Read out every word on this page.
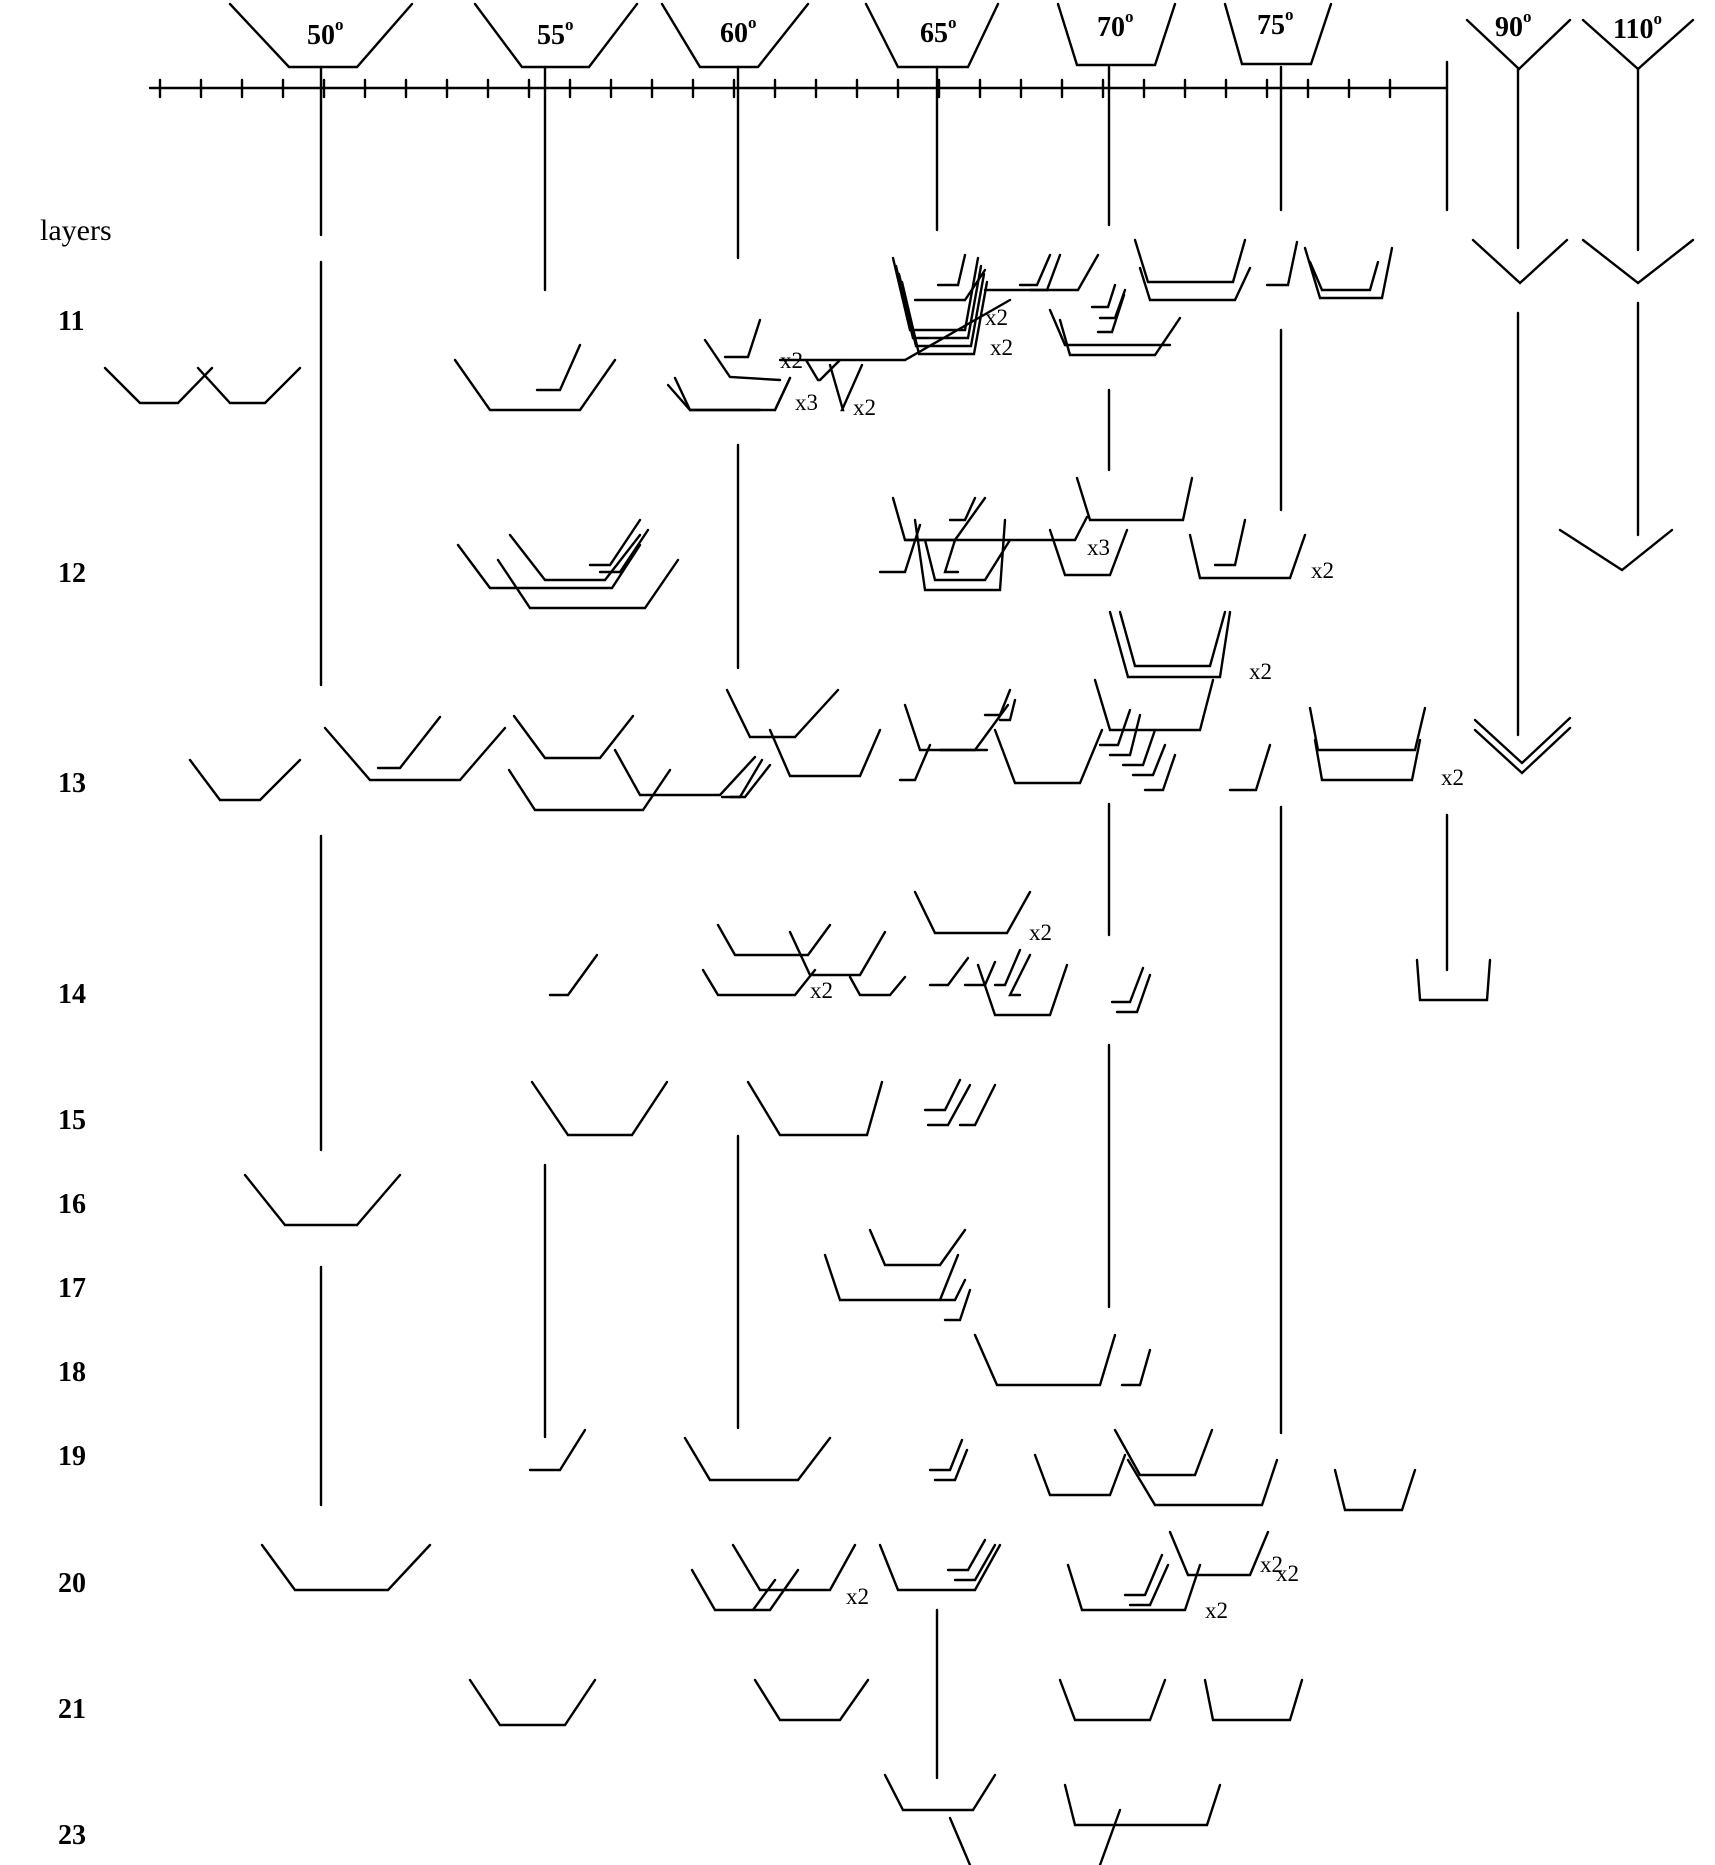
50$^o$	55$^o$	60$^o$	65$^o$	70$^o$	75$^o$	90$^o$	110$^o$
layers
11
12
13
14
15
16
17
18
19
20
21
23
x2
x2
x2
x3 x2
x3
x2
x2
x2
x2
x2
x2
x2
x2
x2
